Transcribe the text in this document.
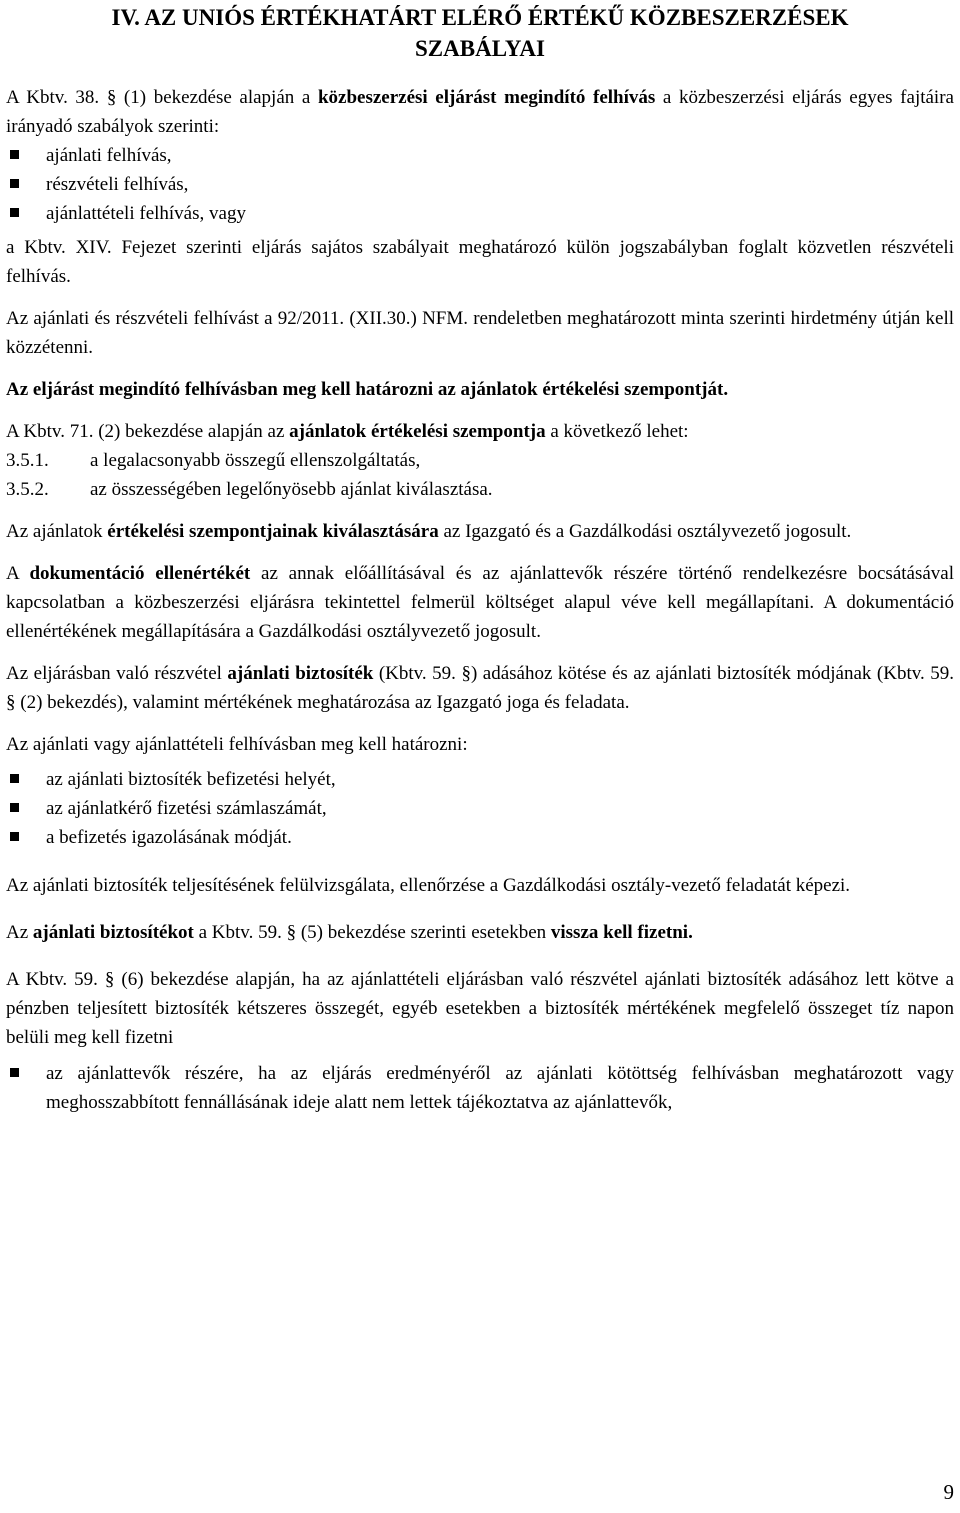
IV. AZ UNIÓS ÉRTÉKHATÁRT ELÉRŐ ÉRTÉKŰ KÖZBESZERZÉSEK
SZABÁLYAI

A Kbtv. 38. § (1) bekezdése alapján a közbeszerzési eljárást megindító felhívás a közbeszerzési eljárás egyes fajtáira irányadó szabályok szerinti:

ajánlati felhívás,
részvételi felhívás,
ajánlattételi felhívás, vagy

a Kbtv. XIV. Fejezet szerinti eljárás sajátos szabályait meghatározó külön jogszabályban foglalt közvetlen részvételi felhívás.

Az ajánlati és részvételi felhívást a 92/2011. (XII.30.) NFM. rendeletben meghatározott minta szerinti hirdetmény útján kell közzétenni.

Az eljárást megindító felhívásban meg kell határozni az ajánlatok értékelési szempontját.

A Kbtv. 71. (2) bekezdése alapján az ajánlatok értékelési szempontja a következő lehet:

3.5.1. a legalacsonyabb összegű ellenszolgáltatás,
3.5.2. az összességében legelőnyösebb ajánlat kiválasztása.

Az ajánlatok értékelési szempontjainak kiválasztására az Igazgató és a Gazdálkodási osztályvezető jogosult.

A dokumentáció ellenértékét az annak előállításával és az ajánlattevők részére történő rendelkezésre bocsátásával kapcsolatban a közbeszerzési eljárásra tekintettel felmerül költséget alapul véve kell megállapítani. A dokumentáció ellenértékének megállapítására a Gazdálkodási osztályvezető jogosult.

Az eljárásban való részvétel ajánlati biztosíték (Kbtv. 59. §) adásához kötése és az ajánlati biztosíték módjának (Kbtv. 59. § (2) bekezdés), valamint mértékének meghatározása az Igazgató joga és feladata.

Az ajánlati vagy ajánlattételi felhívásban meg kell határozni:

az ajánlati biztosíték befizetési helyét,
az ajánlatkérő fizetési számlaszámát,
a befizetés igazolásának módját.

Az ajánlati biztosíték teljesítésének felülvizsgálata, ellenőrzése a Gazdálkodási osztály-vezető feladatát képezi.

Az ajánlati biztosítékot a Kbtv. 59. § (5) bekezdése szerinti esetekben vissza kell fizetni.

A Kbtv. 59. § (6) bekezdése alapján, ha az ajánlattételi eljárásban való részvétel ajánlati biztosíték adásához lett kötve a pénzben teljesített biztosíték kétszeres összegét, egyéb esetekben a biztosíték mértékének megfelelő összeget tíz napon belüli meg kell fizetni

az ajánlattevők részére, ha az eljárás eredményéről az ajánlati kötöttség felhívásban meghatározott vagy meghosszabbított fennállásának ideje alatt nem lettek tájékoztatva az ajánlattevők,
9
